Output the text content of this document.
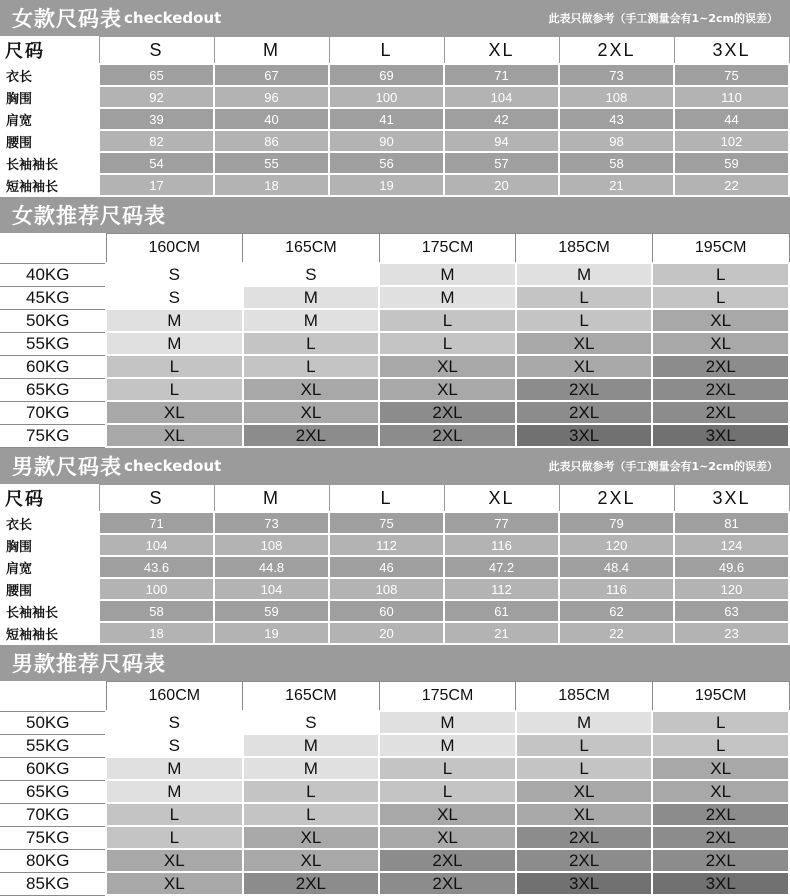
女款尺码表 checkedout	此表只做参考（手工测量会有1~2cm的误差）
尺码	S	M	L	XL	2XL	3XL
衣长	65	67	69	71	73	75
胸围	92	96	100	104	108	110
肩宽	39	40	41	42	43	44
腰围	82	86	90	94	98	102
长袖袖长	54	55	56	57	58	59
短袖袖长	17	18	19	20	21	22
女款推荐尺码表
	160CM	165CM	175CM	185CM	195CM
40KG	S	S	M	M	L
45KG	S	M	M	L	L
50KG	M	M	L	L	XL
55KG	M	L	L	XL	XL
60KG	L	L	XL	XL	2XL
65KG	L	XL	XL	2XL	2XL
70KG	XL	XL	2XL	2XL	2XL
75KG	XL	2XL	2XL	3XL	3XL
男款尺码表 checkedout	此表只做参考（手工测量会有1~2cm的误差）
尺码	S	M	L	XL	2XL	3XL
衣长	71	73	75	77	79	81
胸围	104	108	112	116	120	124
肩宽	43.6	44.8	46	47.2	48.4	49.6
腰围	100	104	108	112	116	120
长袖袖长	58	59	60	61	62	63
短袖袖长	18	19	20	21	22	23
男款推荐尺码表
	160CM	165CM	175CM	185CM	195CM
50KG	S	S	M	M	L
55KG	S	M	M	L	L
60KG	M	M	L	L	XL
65KG	M	L	L	XL	XL
70KG	L	L	XL	XL	2XL
75KG	L	XL	XL	2XL	2XL
80KG	XL	XL	2XL	2XL	2XL
85KG	XL	2XL	2XL	3XL	3XL
